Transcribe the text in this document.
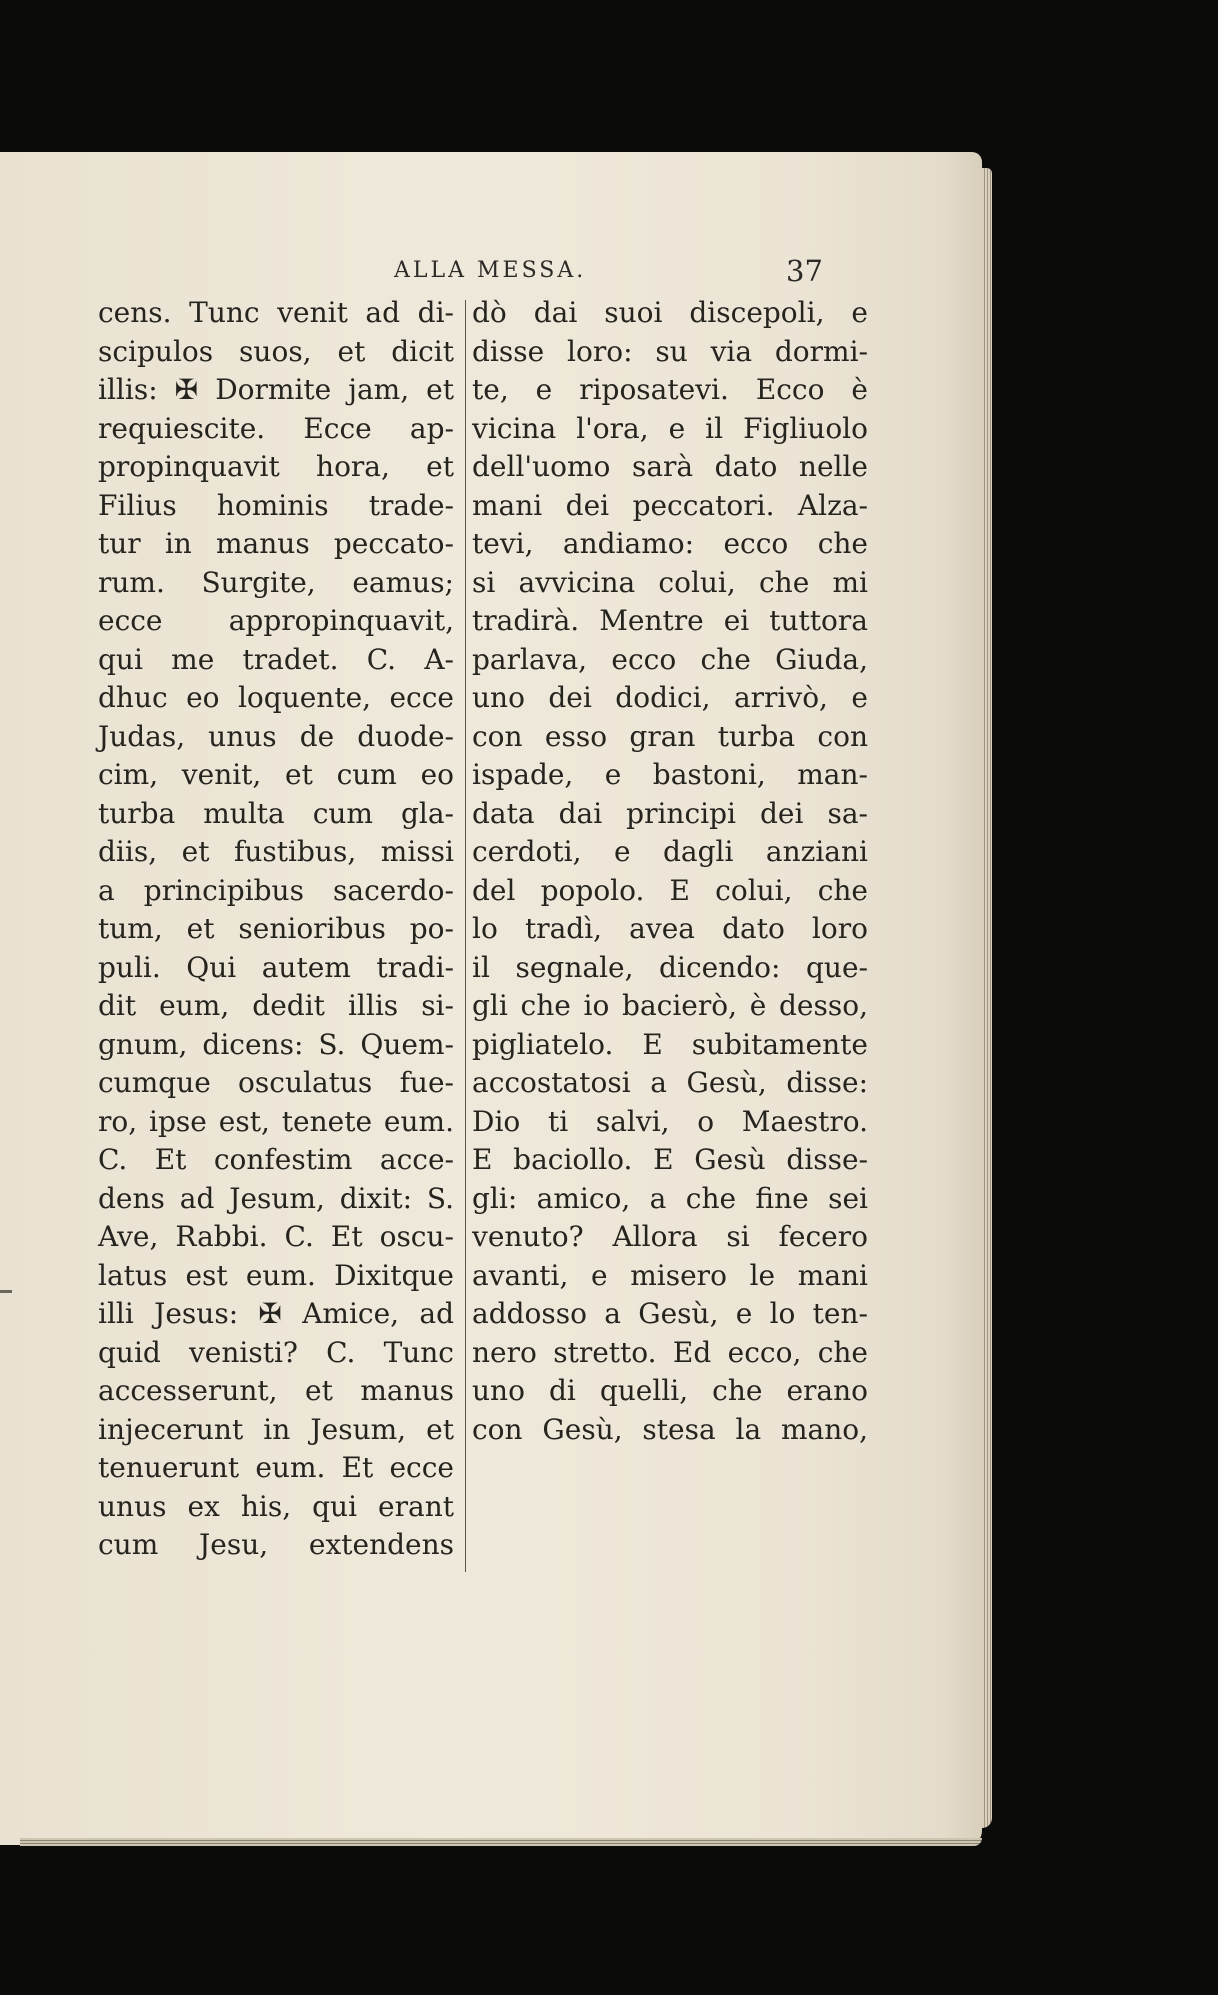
ALLA MESSA.	37
cens. Tunc venit ad di-
scipulos suos, et dicit
illis: ✠ Dormite jam, et
requiescite. Ecce ap-
propinquavit hora, et
Filius hominis trade-
tur in manus peccato-
rum. Surgite, eamus;
ecce appropinquavit,
qui me tradet. C. A-
dhuc eo loquente, ecce
Judas, unus de duode-
cim, venit, et cum eo
turba multa cum gla-
diis, et fustibus, missi
a principibus sacerdo-
tum, et senioribus po-
puli. Qui autem tradi-
dit eum, dedit illis si-
gnum, dicens: S. Quem-
cumque osculatus fue-
ro, ipse est, tenete eum.
C. Et confestim acce-
dens ad Jesum, dixit: S.
Ave, Rabbi. C. Et oscu-
latus est eum. Dixitque
illi Jesus: ✠ Amice, ad
quid venisti? C. Tunc
accesserunt, et manus
injecerunt in Jesum, et
tenuerunt eum. Et ecce
unus ex his, qui erant
cum Jesu, extendens
dò dai suoi discepoli, e
disse loro: su via dormi-
te, e riposatevi. Ecco è
vicina l'ora, e il Figliuolo
dell'uomo sarà dato nelle
mani dei peccatori. Alza-
tevi, andiamo: ecco che
si avvicina colui, che mi
tradirà. Mentre ei tuttora
parlava, ecco che Giuda,
uno dei dodici, arrivò, e
con esso gran turba con
ispade, e bastoni, man-
data dai principi dei sa-
cerdoti, e dagli anziani
del popolo. E colui, che
lo tradì, avea dato loro
il segnale, dicendo: que-
gli che io bacierò, è desso,
pigliatelo. E subitamente
accostatosi a Gesù, disse:
Dio ti salvi, o Maestro.
E baciollo. E Gesù disse-
gli: amico, a che fine sei
venuto? Allora si fecero
avanti, e misero le mani
addosso a Gesù, e lo ten-
nero stretto. Ed ecco, che
uno di quelli, che erano
con Gesù, stesa la mano,
